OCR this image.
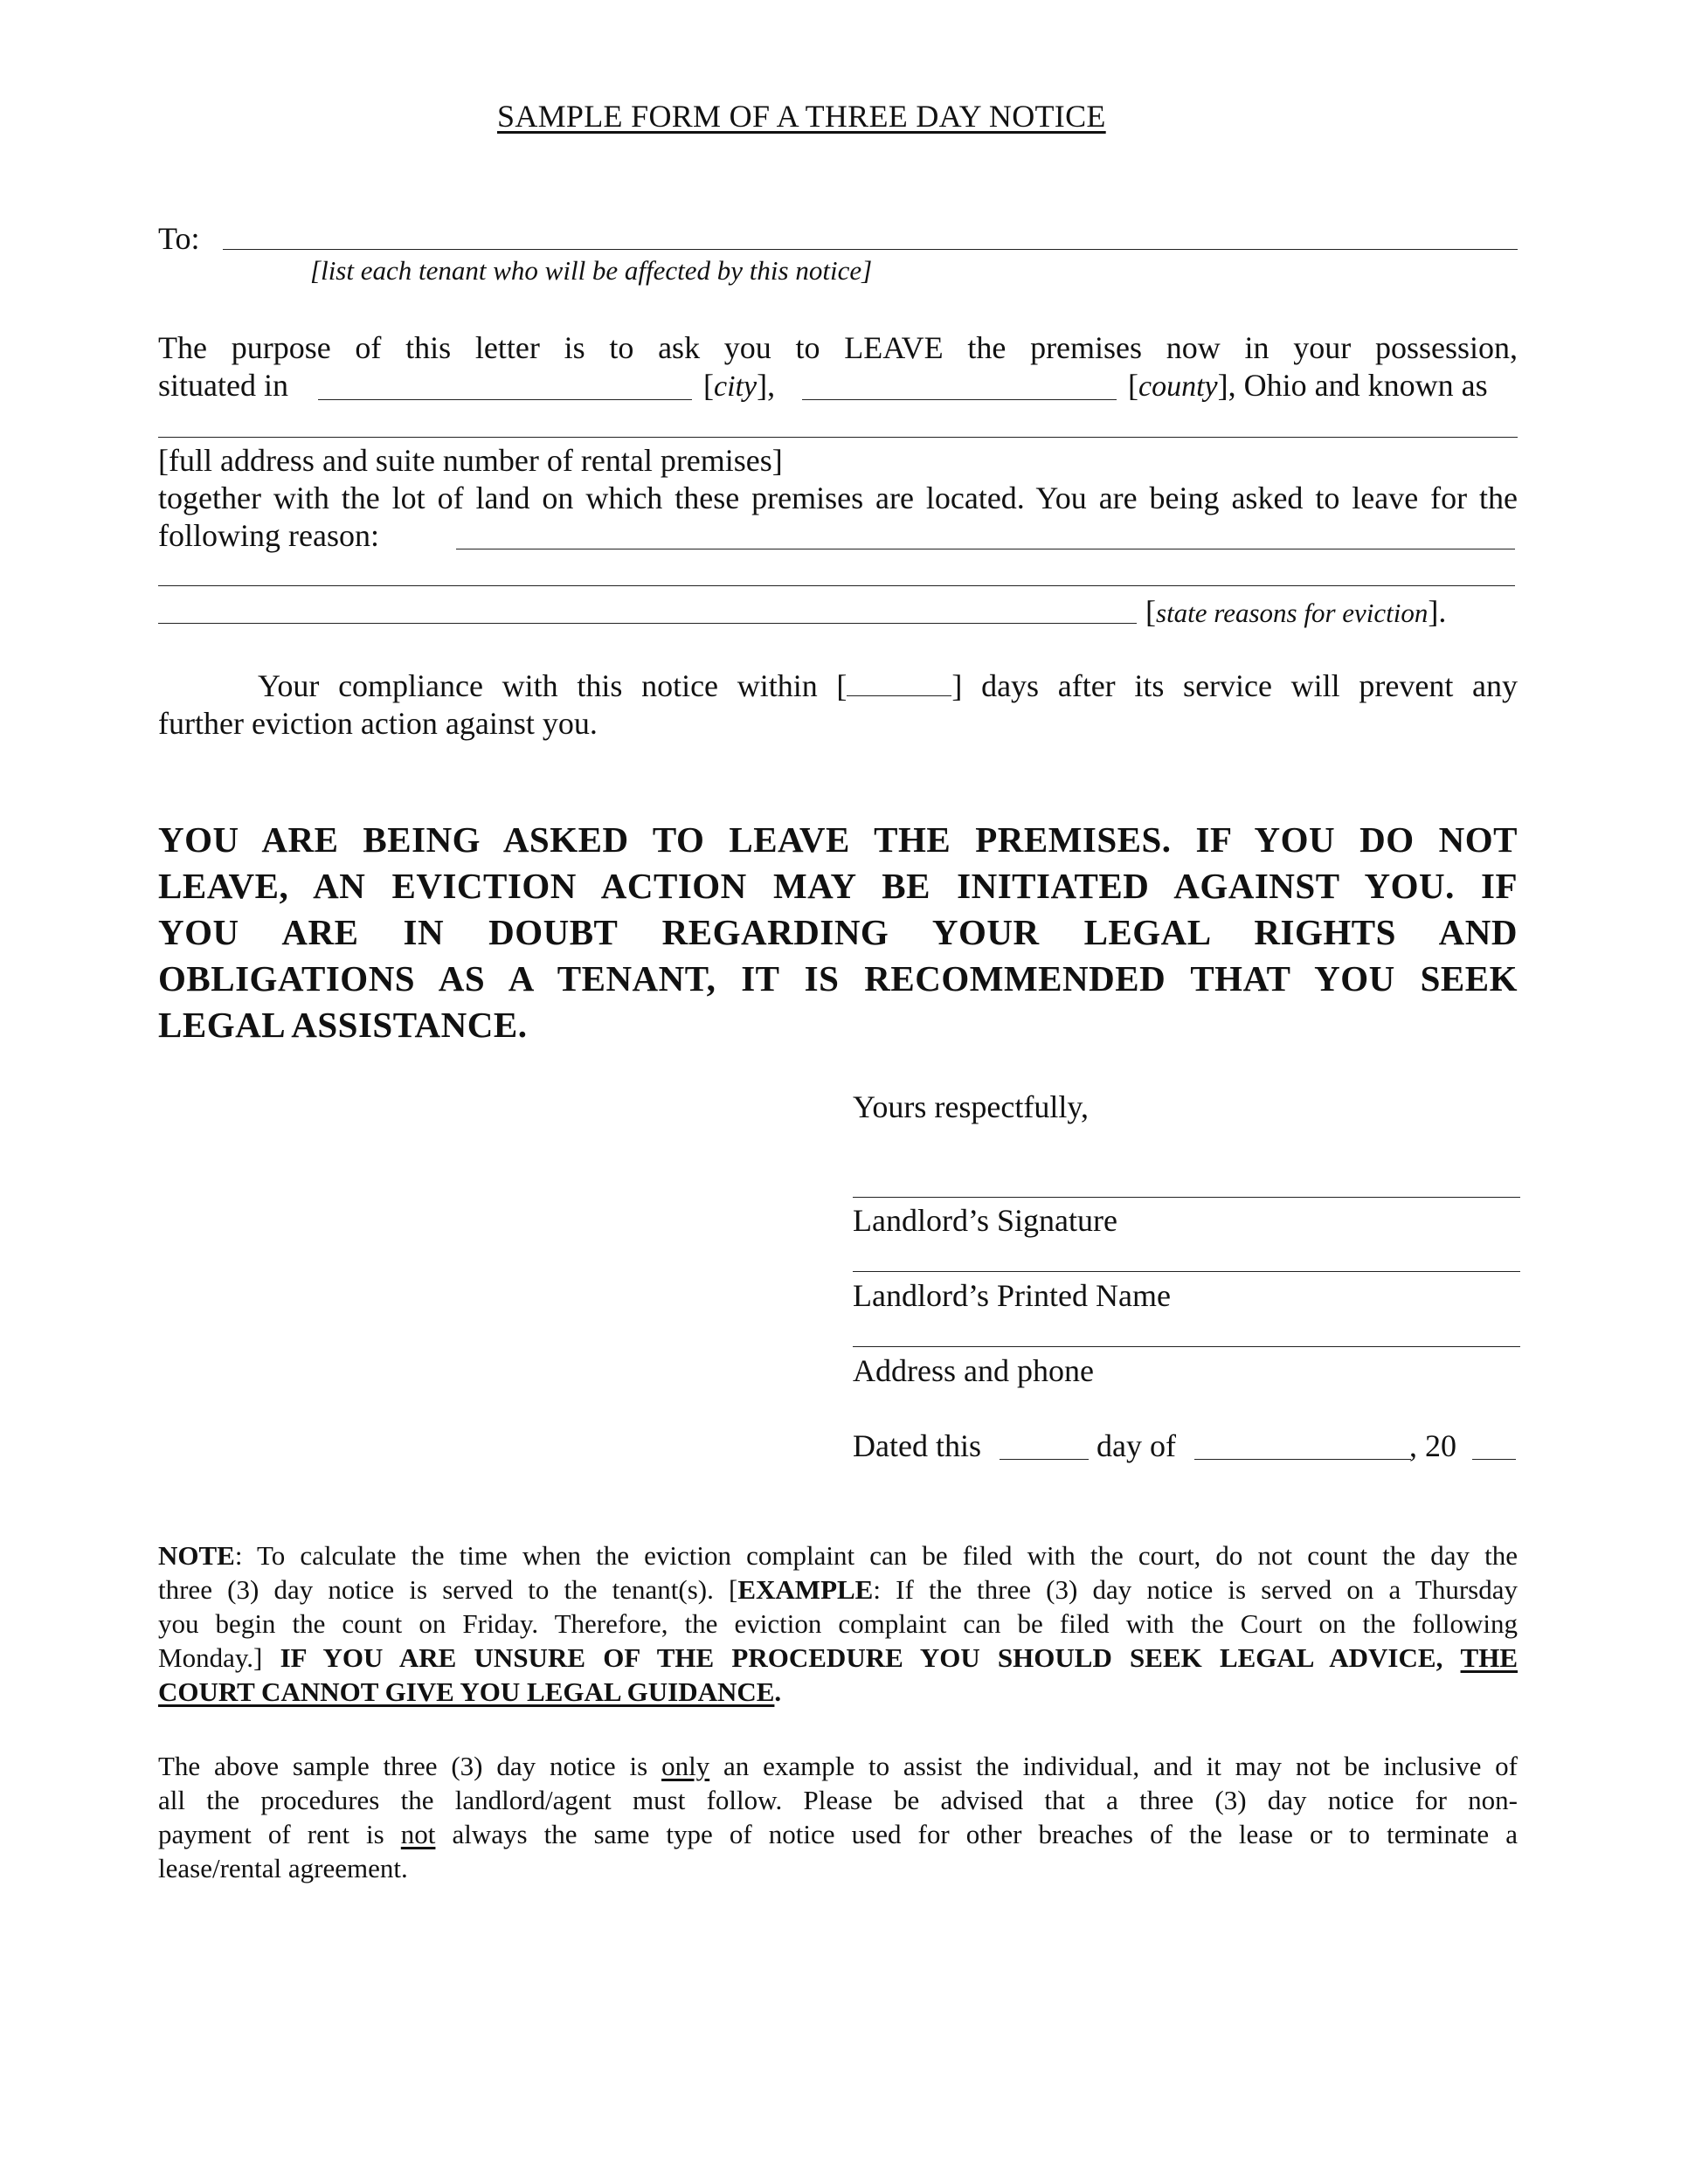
SAMPLE FORM OF A THREE DAY NOTICE
To:
[list each tenant who will be affected by this notice]
The purpose of this letter is to ask you to LEAVE the premises now in your possession,
situated in	[city],	[county], Ohio and known as
[full address and suite number of rental premises]
together with the lot of land on which these premises are located. You are being asked to leave for the
following reason:
[state reasons for eviction].
Your compliance with this notice within [	] days after its service will prevent any
further eviction action against you.
YOU ARE BEING ASKED TO LEAVE THE PREMISES. IF YOU DO NOT
LEAVE, AN EVICTION ACTION MAY BE INITIATED AGAINST YOU. IF
YOU ARE IN DOUBT REGARDING YOUR LEGAL RIGHTS AND
OBLIGATIONS AS A TENANT, IT IS RECOMMENDED THAT YOU SEEK
LEGAL ASSISTANCE.
Yours respectfully,
Landlord’s Signature
Landlord’s Printed Name
Address and phone
Dated this	day of	, 20
NOTE: To calculate the time when the eviction complaint can be filed with the court, do not count the day the
three (3) day notice is served to the tenant(s). [EXAMPLE: If the three (3) day notice is served on a Thursday
you begin the count on Friday. Therefore, the eviction complaint can be filed with the Court on the following
Monday.] IF YOU ARE UNSURE OF THE PROCEDURE YOU SHOULD SEEK LEGAL ADVICE, THE
COURT CANNOT GIVE YOU LEGAL GUIDANCE.
The above sample three (3) day notice is only an example to assist the individual, and it may not be inclusive of
all the procedures the landlord/agent must follow. Please be advised that a three (3) day notice for non-
payment of rent is not always the same type of notice used for other breaches of the lease or to terminate a
lease/rental agreement.
